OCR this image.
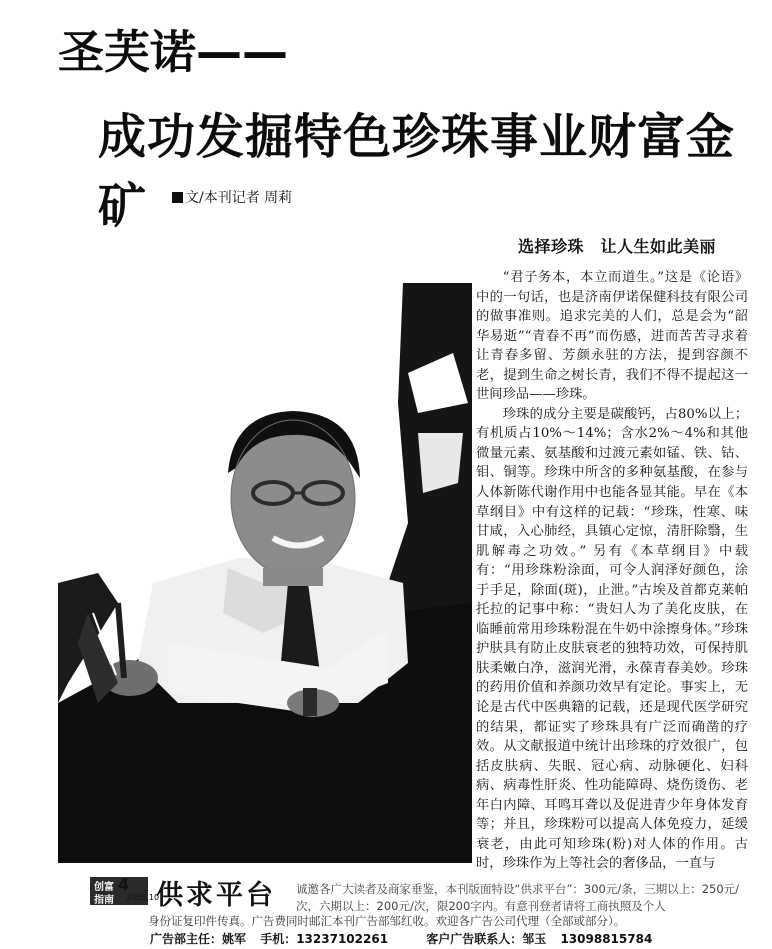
圣芙诺——
成功发掘特色珍珠事业财富金矿	文/本刊记者 周莉
选择珍珠　让人生如此美丽

“君子务本，本立而道生。”这是《论语》中的一句话，也是济南伊诺保健科技有限公司的做事准则。追求完美的人们，总是会为“韶华易逝”“青春不再”而伤感，进而苦苦寻求着让青春多留、芳颜永驻的方法，提到容颜不老，提到生命之树长青，我们不得不提起这一世间珍品——珍珠。

珍珠的成分主要是碳酸钙，占80%以上；有机质占10%～14%；含水2%～4%和其他微量元素、氨基酸和过渡元素如锰、铁、钴、钼、铜等。珍珠中所含的多种氨基酸，在参与人体新陈代谢作用中也能各显其能。早在《本草纲目》中有这样的记载：“珍珠，性寒、味甘咸，入心肺经，具镇心定惊，清肝除翳，生肌解毒之功效。” 另有《本草纲目》中载有：“用珍珠粉涂面，可令人润泽好颜色，涂于手足，除面(斑)，止泄。”古埃及首都克莱帕托拉的记事中称：“贵妇人为了美化皮肤，在临睡前常用珍珠粉混在牛奶中涂擦身体。”珍珠护肤具有防止皮肤衰老的独特功效，可保持肌肤柔嫩白净，滋润光滑，永葆青春美妙。珍珠的药用价值和养颜功效早有定论。事实上，无论是古代中医典籍的记载，还是现代医学研究的结果，都证实了珍珠具有广泛而确凿的疗效。从文献报道中统计出珍珠的疗效很广，包括皮肤病、失眠、冠心病、动脉硬化、妇科病、病毒性肝炎、性功能障碍、烧伤烫伤、老年白内障、耳鸣耳聋以及促进青少年身体发育等；并且，珍珠粉可以提高人体免疫力，延缓衰老，由此可知珍珠(粉)对人体的作用。古时，珍珠作为上等社会的奢侈品，一直与

创富
指南
4
2005.10
供求平台 诚邀各广大读者及商家垂鉴，本刊版面特设“供求平台”：300元/条，三期以上：250元/次，六期以上：200元/次，限200字内。有意刊登者请将工商执照及个人
身份证复印件传真。广告费同时邮汇本刊广告部邹红收。欢迎各广告公司代理（全部或部分）。
广告部主任：姚军 手机：13237102261	客户广告联系人：邹玉 13098815784
